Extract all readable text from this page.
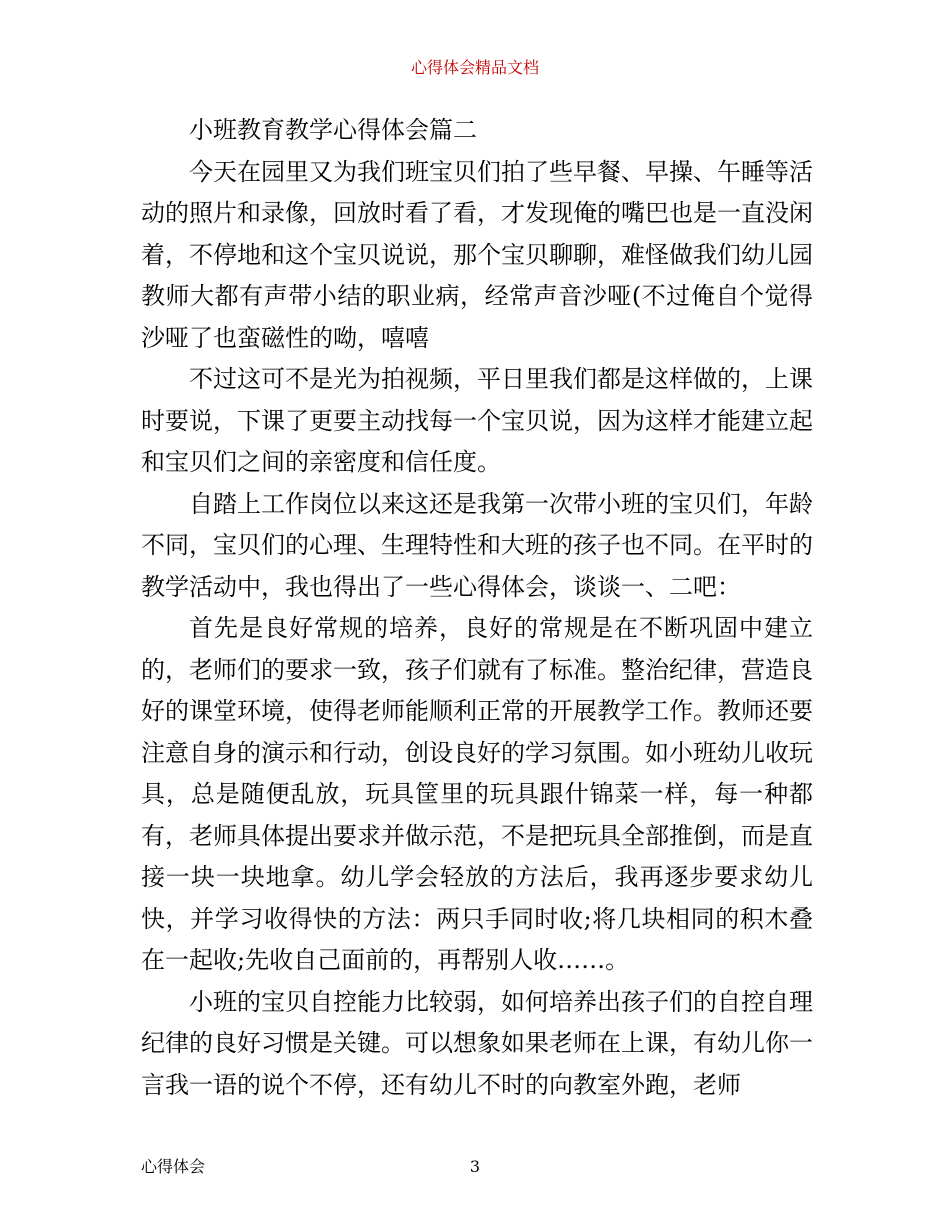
心得体会精品文档

小班教育教学心得体会篇二

今天在园里又为我们班宝贝们拍了些早餐、早操、午睡等活动的照片和录像，回放时看了看，才发现俺的嘴巴也是一直没闲着，不停地和这个宝贝说说，那个宝贝聊聊，难怪做我们幼儿园教师大都有声带小结的职业病，经常声音沙哑(不过俺自个觉得沙哑了也蛮磁性的呦，嘻嘻

不过这可不是光为拍视频，平日里我们都是这样做的，上课时要说，下课了更要主动找每一个宝贝说，因为这样才能建立起和宝贝们之间的亲密度和信任度。

自踏上工作岗位以来这还是我第一次带小班的宝贝们，年龄不同，宝贝们的心理、生理特性和大班的孩子也不同。在平时的教学活动中，我也得出了一些心得体会，谈谈一、二吧：

首先是良好常规的培养，良好的常规是在不断巩固中建立的，老师们的要求一致，孩子们就有了标准。整治纪律，营造良好的课堂环境，使得老师能顺利正常的开展教学工作。教师还要注意自身的演示和行动，创设良好的学习氛围。如小班幼儿收玩具，总是随便乱放，玩具筐里的玩具跟什锦菜一样，每一种都有，老师具体提出要求并做示范，不是把玩具全部推倒，而是直接一块一块地拿。幼儿学会轻放的方法后，我再逐步要求幼儿快，并学习收得快的方法：两只手同时收;将几块相同的积木叠在一起收;先收自己面前的，再帮别人收……。

小班的宝贝自控能力比较弱，如何培养出孩子们的自控自理纪律的良好习惯是关键。可以想象如果老师在上课，有幼儿你一言我一语的说个不停，还有幼儿不时的向教室外跑，老师

心得体会	3
